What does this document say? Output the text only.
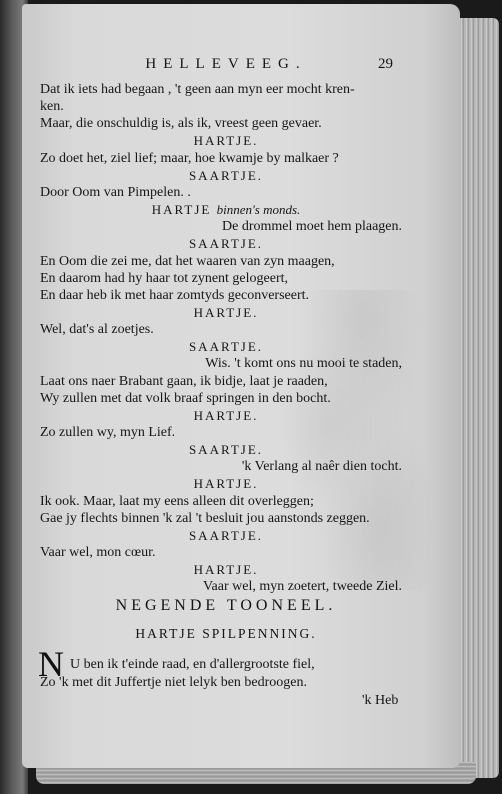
HELLEVEEG.	29
Dat ik iets had begaan , 't geen aan myn eer mocht kren-
ken.
Maar, die onschuldig is, als ik, vreest geen gevaer.
HARTJE.
Zo doet het, ziel lief; maar, hoe kwamje by malkaer ?
SAARTJE.
Door Oom van Pimpelen. .
HARTJE binnen's monds.
De drommel moet hem plaagen.
SAARTJE.
En Oom die zei me, dat het waaren van zyn maagen,
En daarom had hy haar tot zynent gelogeert,
En daar heb ik met haar zomtyds geconverseert.
HARTJE.
Wel, dat's al zoetjes.
SAARTJE.
Wis. 't komt ons nu mooi te staden,
Laat ons naer Brabant gaan, ik bidje, laat je raaden,
Wy zullen met dat volk braaf springen in den bocht.
HARTJE.
Zo zullen wy, myn Lief.
SAARTJE.
'k Verlang al naêr dien tocht.
HARTJE.
Ik ook. Maar, laat my eens alleen dit overleggen;
Gae jy flechts binnen 'k zal 't besluit jou aanstonds zeggen.
SAARTJE.
Vaar wel, mon cœur.
HARTJE.
Vaar wel, myn zoetert, tweede Ziel.
NEGENDE TOONEEL.
HARTJE SPILPENNING.
N U ben ik t'einde raad, en d'allergrootste fiel,
Zo 'k met dit Juffertje niet lelyk ben bedroogen.
'k Heb
